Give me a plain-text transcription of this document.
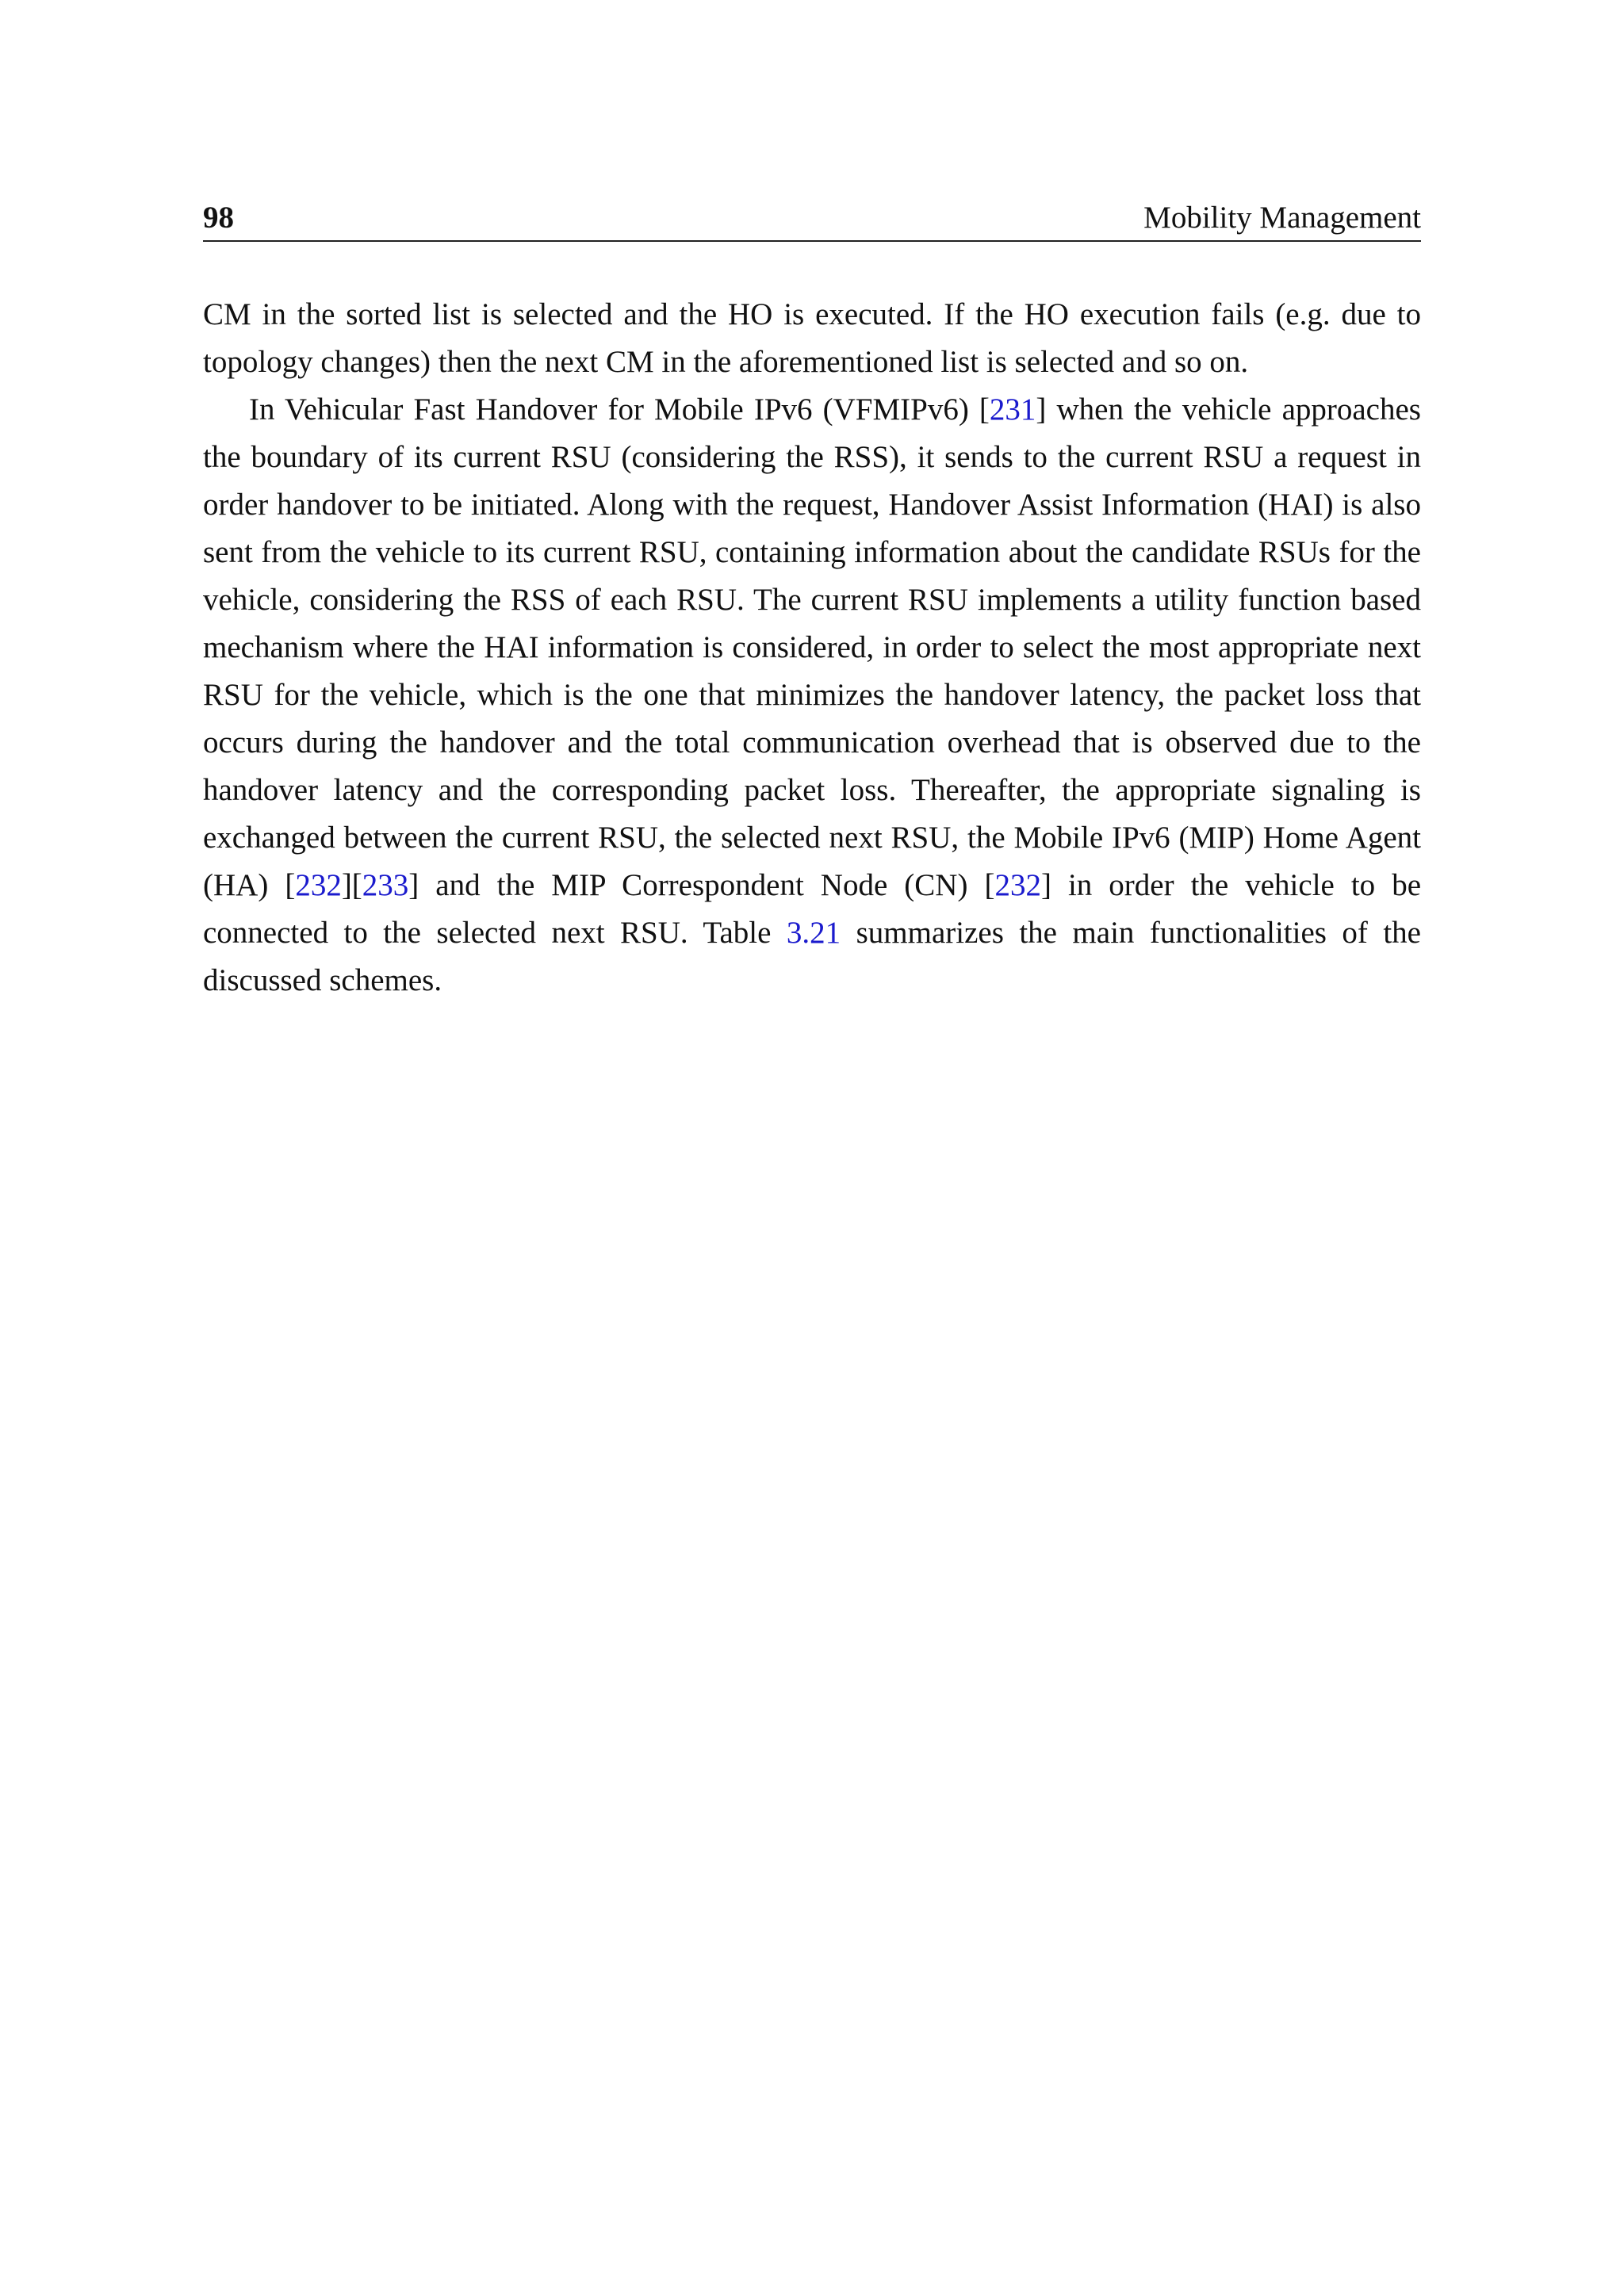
98	Mobility Management

CM in the sorted list is selected and the HO is executed. If the HO execution fails (e.g. due to topology changes) then the next CM in the aforementioned list is selected and so on.

In Vehicular Fast Handover for Mobile IPv6 (VFMIPv6) [231] when the vehicle approaches the boundary of its current RSU (considering the RSS), it sends to the current RSU a request in order handover to be initiated. Along with the request, Handover Assist Information (HAI) is also sent from the vehicle to its current RSU, containing information about the candidate RSUs for the vehicle, considering the RSS of each RSU. The current RSU implements a utility function based mechanism where the HAI information is considered, in order to select the most appropriate next RSU for the vehicle, which is the one that minimizes the handover latency, the packet loss that occurs during the handover and the total communication overhead that is observed due to the handover latency and the corresponding packet loss. Thereafter, the appropriate signaling is exchanged between the current RSU, the selected next RSU, the Mobile IPv6 (MIP) Home Agent (HA) [232][233] and the MIP Correspondent Node (CN) [232] in order the vehicle to be connected to the selected next RSU. Table 3.21 summarizes the main functionalities of the discussed schemes.
